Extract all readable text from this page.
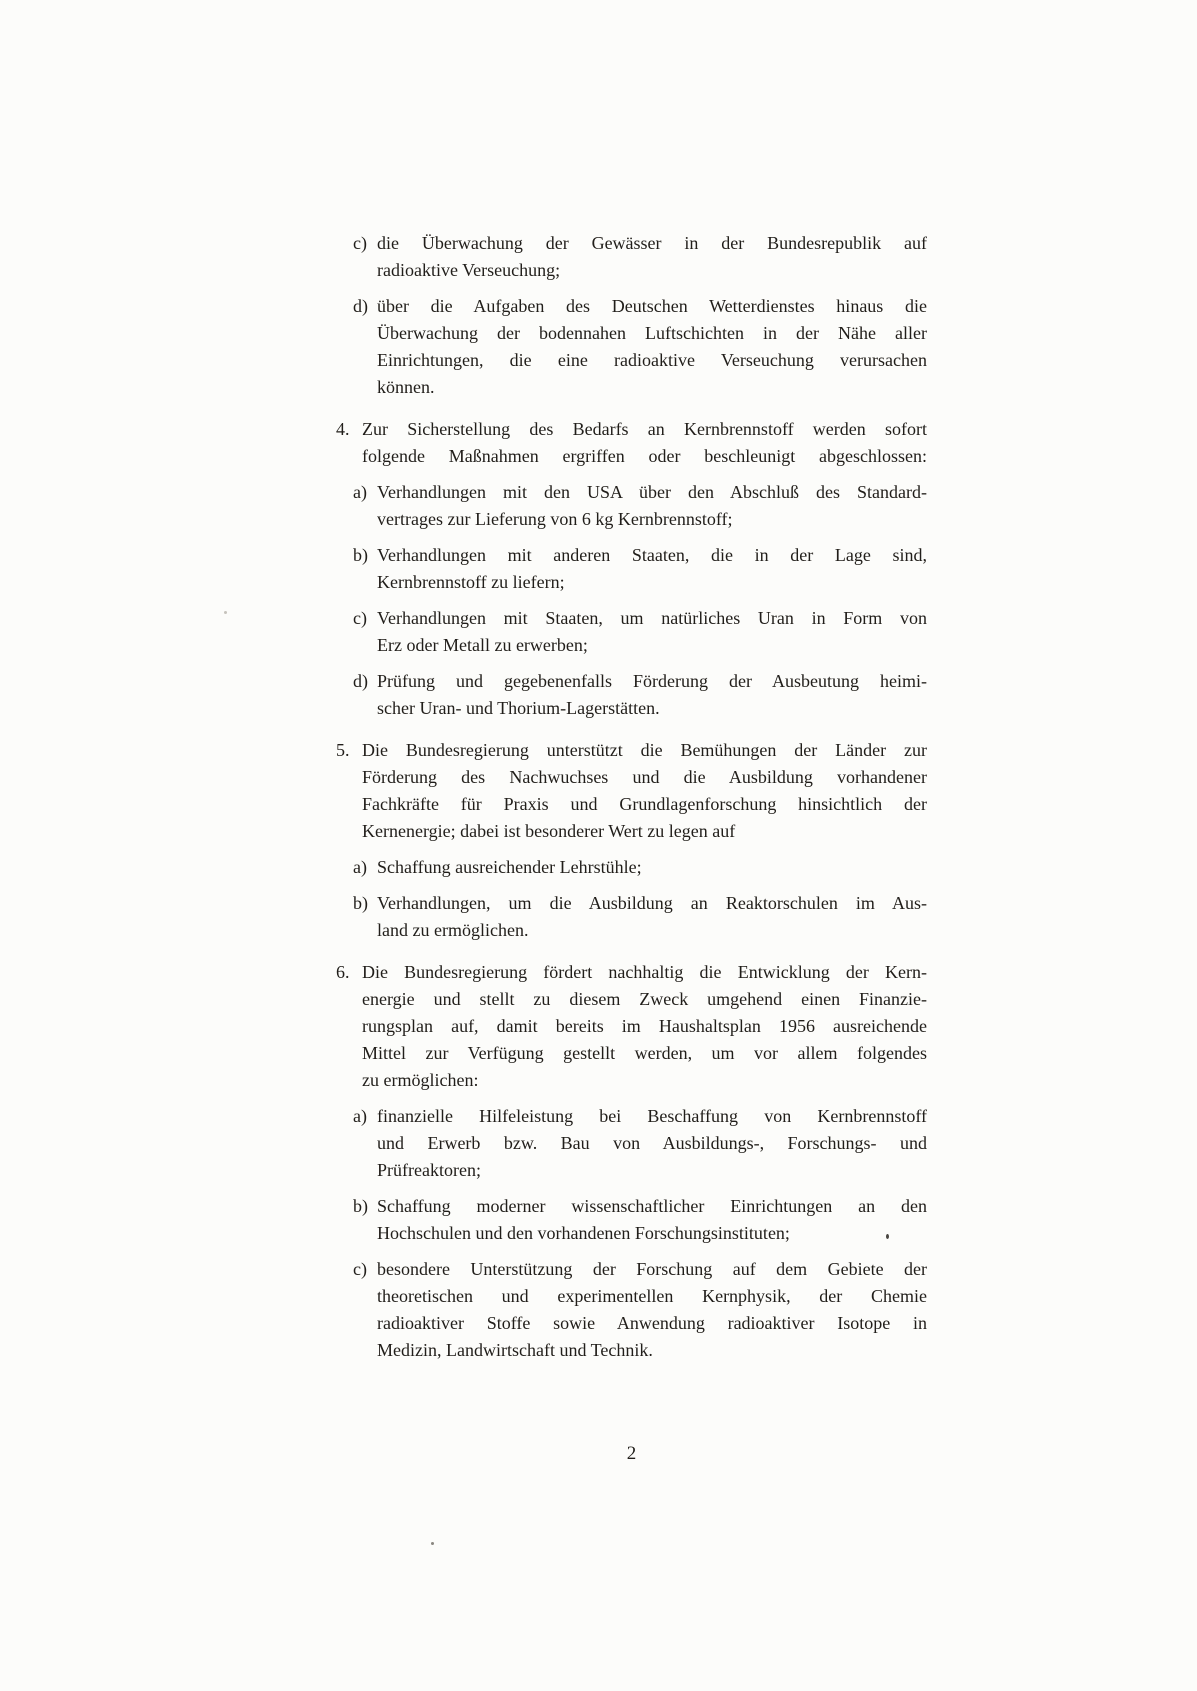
c) die Überwachung der Gewässer in der Bundesrepublik auf
radioaktive Verseuchung;
d) über die Aufgaben des Deutschen Wetterdienstes hinaus die
Überwachung der bodennahen Luftschichten in der Nähe aller
Einrichtungen, die eine radioaktive Verseuchung verursachen
können.
4. Zur Sicherstellung des Bedarfs an Kernbrennstoff werden sofort
folgende Maßnahmen ergriffen oder beschleunigt abgeschlossen:
a) Verhandlungen mit den USA über den Abschluß des Standard-
vertrages zur Lieferung von 6 kg Kernbrennstoff;
b) Verhandlungen mit anderen Staaten, die in der Lage sind,
Kernbrennstoff zu liefern;
c) Verhandlungen mit Staaten, um natürliches Uran in Form von
Erz oder Metall zu erwerben;
d) Prüfung und gegebenenfalls Förderung der Ausbeutung heimi-
scher Uran- und Thorium-Lagerstätten.
5. Die Bundesregierung unterstützt die Bemühungen der Länder zur
Förderung des Nachwuchses und die Ausbildung vorhandener
Fachkräfte für Praxis und Grundlagenforschung hinsichtlich der
Kernenergie; dabei ist besonderer Wert zu legen auf
a) Schaffung ausreichender Lehrstühle;
b) Verhandlungen, um die Ausbildung an Reaktorschulen im Aus-
land zu ermöglichen.
6. Die Bundesregierung fördert nachhaltig die Entwicklung der Kern-
energie und stellt zu diesem Zweck umgehend einen Finanzie-
rungsplan auf, damit bereits im Haushaltsplan 1956 ausreichende
Mittel zur Verfügung gestellt werden, um vor allem folgendes
zu ermöglichen:
a) finanzielle Hilfeleistung bei Beschaffung von Kernbrennstoff
und Erwerb bzw. Bau von Ausbildungs-, Forschungs- und
Prüfreaktoren;
b) Schaffung moderner wissenschaftlicher Einrichtungen an den
Hochschulen und den vorhandenen Forschungsinstituten;
c) besondere Unterstützung der Forschung auf dem Gebiete der
theoretischen und experimentellen Kernphysik, der Chemie
radioaktiver Stoffe sowie Anwendung radioaktiver Isotope in
Medizin, Landwirtschaft und Technik.
2
